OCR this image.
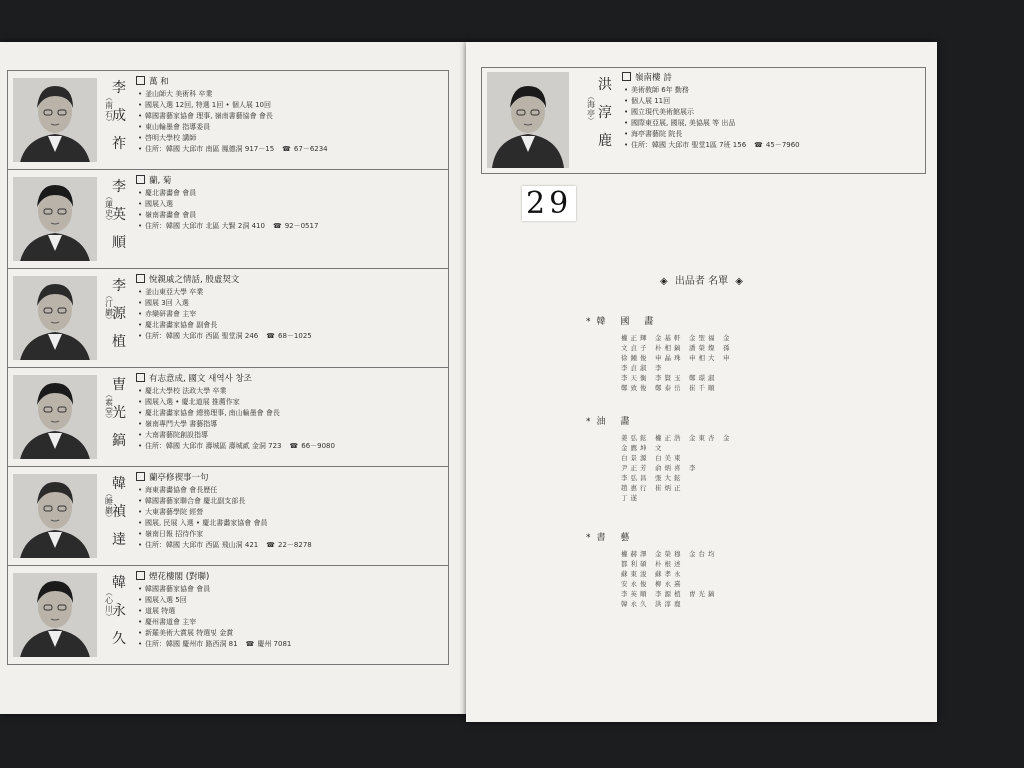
李
成
祚
︵
南
石
︶
萬 和
• 釜山師大 美術科 卒業
• 國展入選 12回, 特選 1回 • 個人展 10回
• 韓國書藝家協會 理事, 嶺南書藝協會 會長
• 東山輪墨會 指導委員
• 啓明大學校 講師
• 住所：韓國 大邱市 南區 鳳德洞 917－15 ☎ 67－6234
李
英
順
︵
蓮
史
︶
蘭, 菊
• 慶北書畵會 會員
• 國展入選
• 嶺南書畵會 會員
• 住所：韓國 大邱市 北區 大賢 2洞 410 ☎ 92－0517
李
源
植
︵
汀
巖
︶
悅親戚之情話, 殷虛契文
• 釜山東亞大學 卒業
• 國展 3回 入選
• 赤欒研書會 主宰
• 慶北書畵家協會 副會長
• 住所：韓國 大邱市 西區 聖堂洞 246 ☎ 68－1025
曺
光
鎬
︵
素
堂
︶
有志意成, 國文 새역사 창조
• 慶北大學校 法政大學 卒業
• 國展入選 • 慶北道展 推薦作家
• 慶北書畵家協會 總務理事, 南山輪墨會 會長
• 嶺南專門大學 書藝指導
• 大南書藝院創設指導
• 住所：韓國 大邱市 壽城區 壽城貳 金洞 723 ☎ 66－9080
韓
禎
達
︵
睡
巖
︶
蘭亭修禊事一句
• 海東書畵協會 會長歷任
• 韓國書藝家聯合會 慶北副支部長
• 大東書藝學院 經營
• 國展, 民展 入選 • 慶北書畵家協會 會員
• 嶺南日報 招待作家
• 住所：韓國 大邱市 西區 飛山洞 421 ☎ 22－8278
韓
永
久
︵
心
川
︶
煙花樓閣 (對聯)
• 韓國書藝家協會 會員
• 國展入選 5回
• 道展 特選
• 慶州書道會 主宰
• 新羅美術大賞展 特選및 金賞
• 住所：韓國 慶州市 路西洞 81 ☎ 慶州 7081
洪
淳
鹿
︵
海
亭
︶
嶺南樓 詩
• 美術敎師 6年 勤務
• 個人展 11回
• 國立現代美術館展示
• 國際東亞展, 國展, 美協展 等 出品
• 海亭書藝院 院長
• 住所：韓國 大邱市 聖堂1區 7班 156 ☎ 45－7960
29
◈ 出品者 名單 ◈
*韓 國 畵
權正輝 金基軒 金聖福 金
文貞子 朴相鎬 潘榮燦 孫
徐鍾俊 申晶珠 申相大 申
李貞淑 李
李天衡 李賢玉 鄭璟淑
鄭致俊 鄭泰岳 崔千順
*油 畵
姜弘鉉 權正浩 金東杏 金
金鷹坤 文
白景源 白美東
尹正芳 俞炳喜 李
李弘昌 張大鉉
趙惠行 崔炳正
丁遂
*書 藝
權赫澤 金榮穆 金台均
都利碩 朴根述
蘇東浚 蘇孝永
安永俊 柳永熹
李英順 李源植 曺光鎬
韓永久 洪淳鹿
